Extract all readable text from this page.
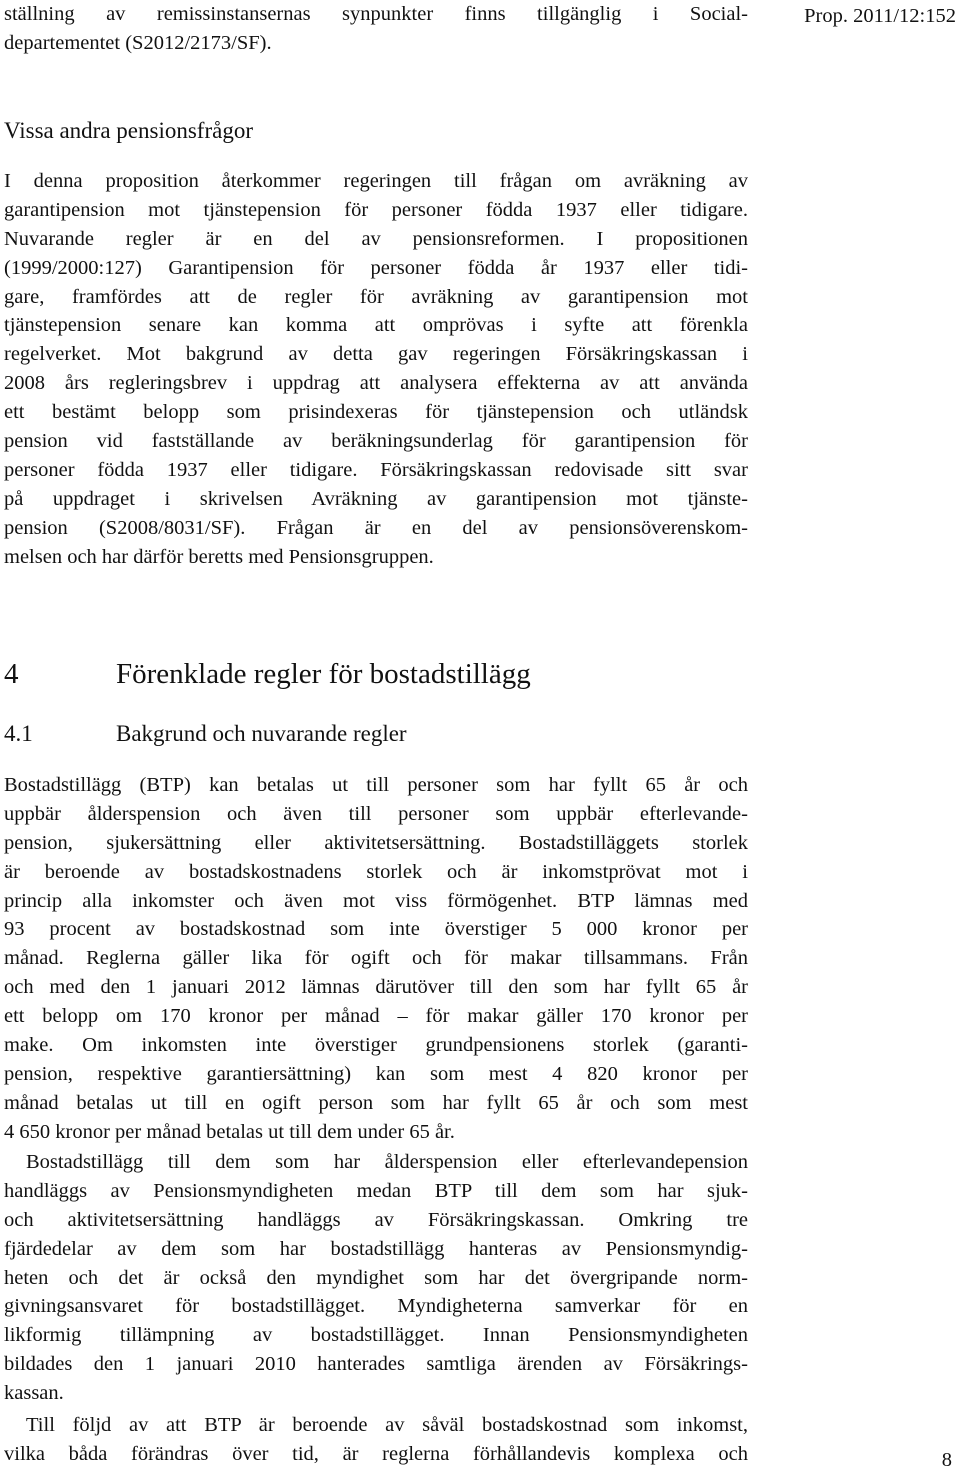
Prop. 2011/12:152
ställning av remissinstansernas synpunkter finns tillgänglig i Social-
departementet (S2012/2173/SF).
Vissa andra pensionsfrågor
I denna proposition återkommer regeringen till frågan om avräkning av
garantipension mot tjänstepension för personer födda 1937 eller tidigare.
Nuvarande regler är en del av pensionsreformen. I propositionen
(1999/2000:127) Garantipension för personer födda år 1937 eller tidi-
gare, framfördes att de regler för avräkning av garantipension mot
tjänstepension senare kan komma att omprövas i syfte att förenkla
regelverket. Mot bakgrund av detta gav regeringen Försäkringskassan i
2008 års regleringsbrev i uppdrag att analysera effekterna av att använda
ett bestämt belopp som prisindexeras för tjänstepension och utländsk
pension vid fastställande av beräkningsunderlag för garantipension för
personer födda 1937 eller tidigare. Försäkringskassan redovisade sitt svar
på uppdraget i skrivelsen Avräkning av garantipension mot tjänste-
pension (S2008/8031/SF). Frågan är en del av pensionsöverenskom-
melsen och har därför beretts med Pensionsgruppen.
4	Förenklade regler för bostadstillägg
4.1	Bakgrund och nuvarande regler
Bostadstillägg (BTP) kan betalas ut till personer som har fyllt 65 år och
uppbär ålderspension och även till personer som uppbär efterlevande-
pension, sjukersättning eller aktivitetsersättning. Bostadstilläggets storlek
är beroende av bostadskostnadens storlek och är inkomstprövat mot i
princip alla inkomster och även mot viss förmögenhet. BTP lämnas med
93 procent av bostadskostnad som inte överstiger 5 000 kronor per
månad. Reglerna gäller lika för ogift och för makar tillsammans. Från
och med den 1 januari 2012 lämnas därutöver till den som har fyllt 65 år
ett belopp om 170 kronor per månad – för makar gäller 170 kronor per
make. Om inkomsten inte överstiger grundpensionens storlek (garanti-
pension, respektive garantiersättning) kan som mest 4 820 kronor per
månad betalas ut till en ogift person som har fyllt 65 år och som mest
4 650 kronor per månad betalas ut till dem under 65 år.
Bostadstillägg till dem som har ålderspension eller efterlevandepension
handläggs av Pensionsmyndigheten medan BTP till dem som har sjuk-
och aktivitetsersättning handläggs av Försäkringskassan. Omkring tre
fjärdedelar av dem som har bostadstillägg hanteras av Pensionsmyndig-
heten och det är också den myndighet som har det övergripande norm-
givningsansvaret för bostadstillägget. Myndigheterna samverkar för en
likformig tillämpning av bostadstillägget. Innan Pensionsmyndigheten
bildades den 1 januari 2010 hanterades samtliga ärenden av Försäkrings-
kassan.
Till följd av att BTP är beroende av såväl bostadskostnad som inkomst,
vilka båda förändras över tid, är reglerna förhållandevis komplexa och	8
